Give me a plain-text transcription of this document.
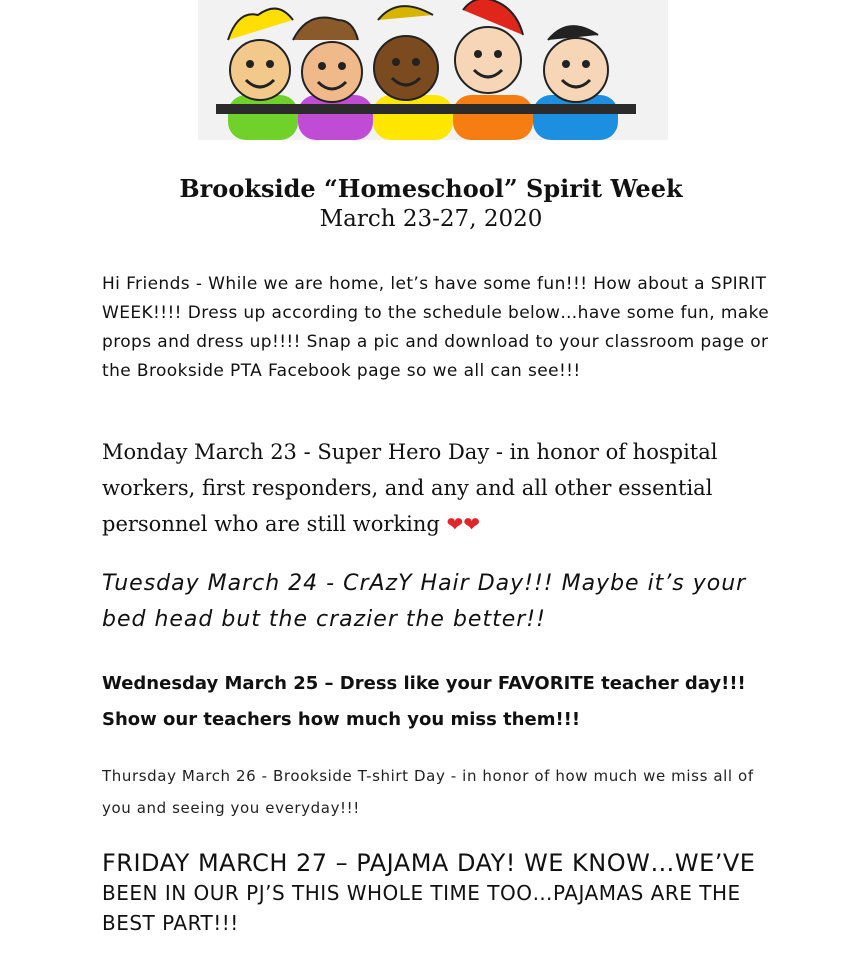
Brookside “Homeschool” Spirit Week
March 23-27, 2020

Hi Friends - While we are home, let’s have some fun!!! How about a SPIRIT WEEK!!!! Dress up according to the schedule below…have some fun, make props and dress up!!!! Snap a pic and download to your classroom page or the Brookside PTA Facebook page so we all can see!!!

Monday March 23 - Super Hero Day - in honor of hospital workers, first responders, and any and all other essential personnel who are still working ❤❤

Tuesday March 24 - CrAzY Hair Day!!! Maybe it’s your bed head but the crazier the better!!

Wednesday March 25 – Dress like your FAVORITE teacher day!!! Show our teachers how much you miss them!!!

Thursday March 26 - Brookside T-shirt Day - in honor of how much we miss all of you and seeing you everyday!!!

FRIDAY MARCH 27 – PAJAMA DAY! WE KNOW…WE’VE

BEEN IN OUR PJ’S THIS WHOLE TIME TOO…PAJAMAS ARE THE BEST PART!!!
